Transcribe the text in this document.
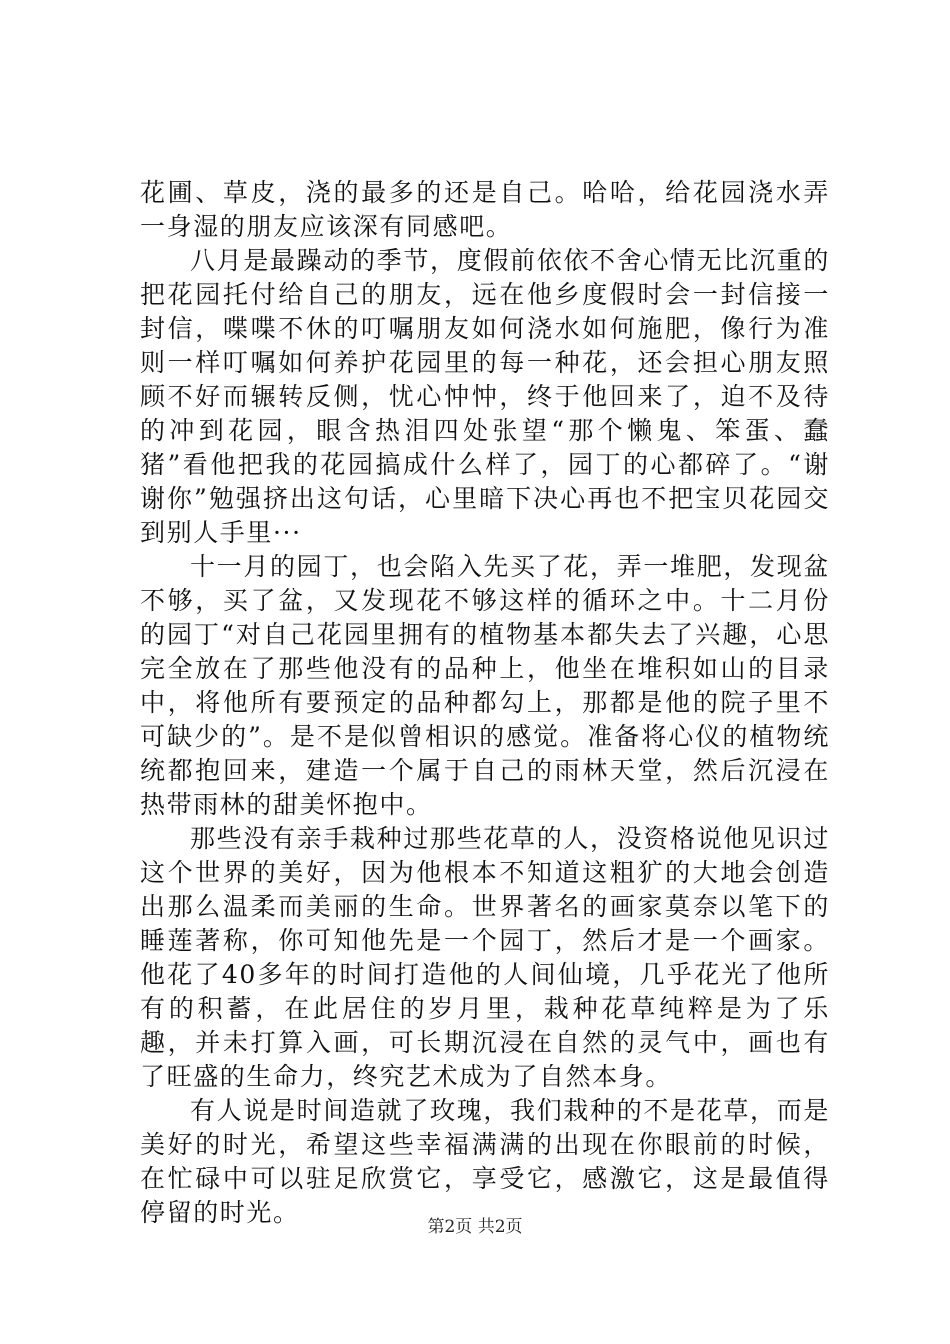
花圃、草皮，浇的最多的还是自己。哈哈，给花园浇水弄一身湿的朋友应该深有同感吧。

八月是最躁动的季节，度假前依依不舍心情无比沉重的把花园托付给自己的朋友，远在他乡度假时会一封信接一封信，喋喋不休的叮嘱朋友如何浇水如何施肥，像行为准则一样叮嘱如何养护花园里的每一种花，还会担心朋友照顾不好而辗转反侧，忧心忡忡，终于他回来了，迫不及待的冲到花园，眼含热泪四处张望“那个懒鬼、笨蛋、蠢猪”看他把我的花园搞成什么样了，园丁的心都碎了。“谢谢你”勉强挤出这句话，心里暗下决心再也不把宝贝花园交到别人手里···

十一月的园丁，也会陷入先买了花，弄一堆肥，发现盆不够，买了盆，又发现花不够这样的循环之中。十二月份的园丁“对自己花园里拥有的植物基本都失去了兴趣，心思完全放在了那些他没有的品种上，他坐在堆积如山的目录中，将他所有要预定的品种都勾上，那都是他的院子里不可缺少的”。是不是似曾相识的感觉。准备将心仪的植物统统都抱回来，建造一个属于自己的雨林天堂，然后沉浸在热带雨林的甜美怀抱中。

那些没有亲手栽种过那些花草的人，没资格说他见识过这个世界的美好，因为他根本不知道这粗犷的大地会创造出那么温柔而美丽的生命。世界著名的画家莫奈以笔下的睡莲著称，你可知他先是一个园丁，然后才是一个画家。他花了40多年的时间打造他的人间仙境，几乎花光了他所有的积蓄，在此居住的岁月里，栽种花草纯粹是为了乐趣，并未打算入画，可长期沉浸在自然的灵气中，画也有了旺盛的生命力，终究艺术成为了自然本身。

有人说是时间造就了玫瑰，我们栽种的不是花草，而是美好的时光，希望这些幸福满满的出现在你眼前的时候，在忙碌中可以驻足欣赏它，享受它，感激它，这是最值得停留的时光。	第2页 共2页
